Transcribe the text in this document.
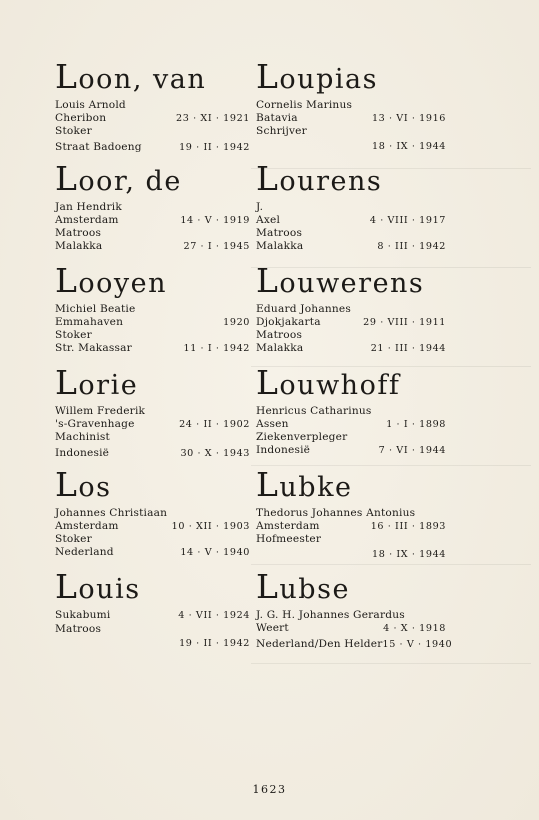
Loon, van
Louis Arnold
Cheribon	23 · XI · 1921
Stoker
Straat Badoeng	19 · II · 1942
Loor, de
Jan Hendrik
Amsterdam	14 · V · 1919
Matroos
Malakka	27 · I · 1945
Looyen
Michiel Beatie
Emmahaven	1920
Stoker
Str. Makassar	11 · I · 1942
Lorie
Willem Frederik
's-Gravenhage	24 · II · 1902
Machinist
Indonesië	30 · X · 1943
Los
Johannes Christiaan
Amsterdam	10 · XII · 1903
Stoker
Nederland	14 · V · 1940
Louis
Sukabumi	4 · VII · 1924
Matroos
19 · II · 1942
Loupias
Cornelis Marinus
Batavia	13 · VI · 1916
Schrijver
18 · IX · 1944
Lourens
J.
Axel	4 · VIII · 1917
Matroos
Malakka	8 · III · 1942
Louwerens
Eduard Johannes
Djokjakarta	29 · VIII · 1911
Matroos
Malakka	21 · III · 1944
Louwhoff
Henricus Catharinus
Assen	1 · I · 1898
Ziekenverpleger
Indonesië	7 · VI · 1944
Lubke
Thedorus Johannes Antonius
Amsterdam	16 · III · 1893
Hofmeester
18 · IX · 1944
Lubse
J. G. H. Johannes Gerardus
Weert	4 · X · 1918
Nederland/Den Helder 15 · V · 1940
1623
